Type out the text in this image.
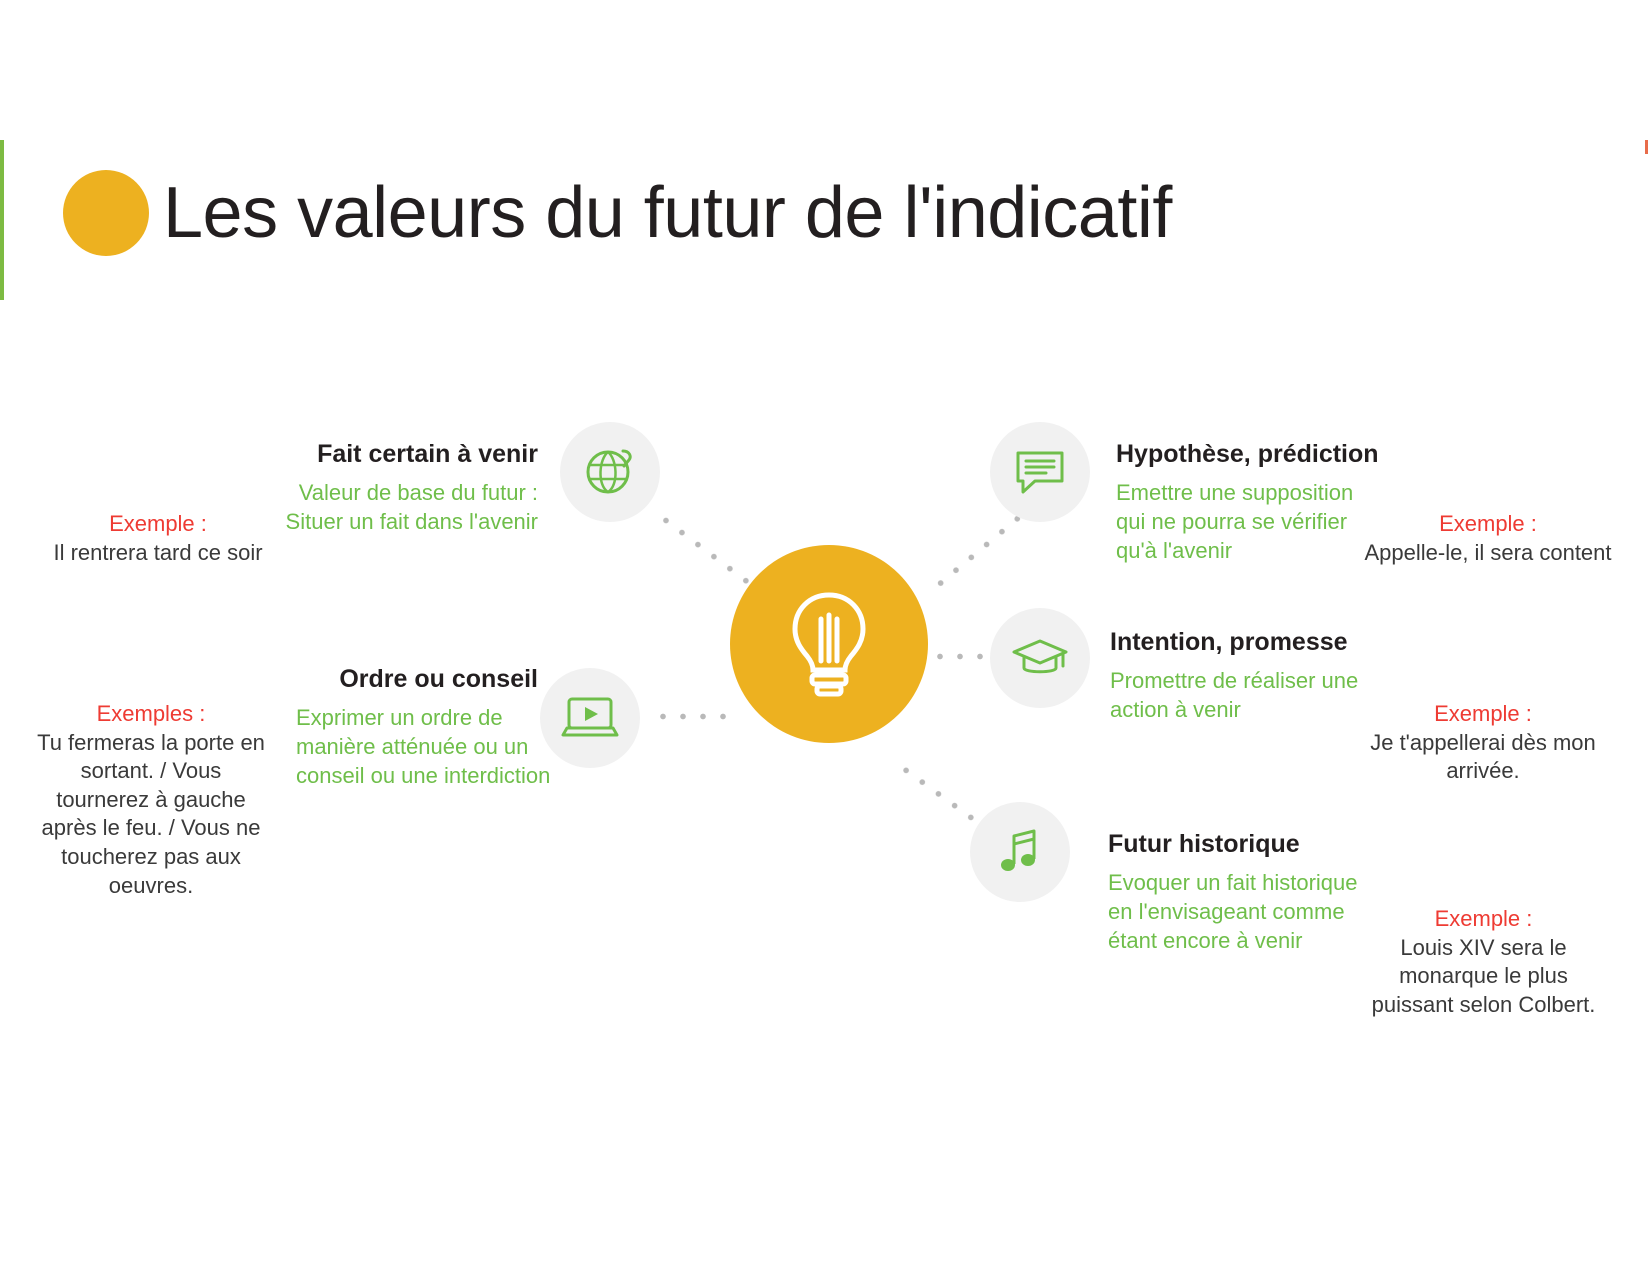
Les valeurs du futur de l'indicatif
Fait certain à venir
Valeur de base du futur :
Situer un fait dans l'avenir
Ordre ou conseil
Exprimer un ordre de manière atténuée ou un conseil ou une interdiction
Hypothèse, prédiction
Emettre une supposition qui ne pourra se vérifier qu'à l'avenir
Intention, promesse
Promettre de réaliser une action à venir
Futur historique
Evoquer un fait historique en l'envisageant comme étant encore à venir
Exemple :
Il rentrera tard ce soir
Exemples :
Tu fermeras la porte en sortant. / Vous tournerez à gauche après le feu. / Vous ne toucherez pas aux oeuvres.
Exemple :
Appelle-le, il sera content
Exemple :
Je t'appellerai dès mon arrivée.
Exemple :
Louis XIV sera le monarque le plus puissant selon Colbert.
